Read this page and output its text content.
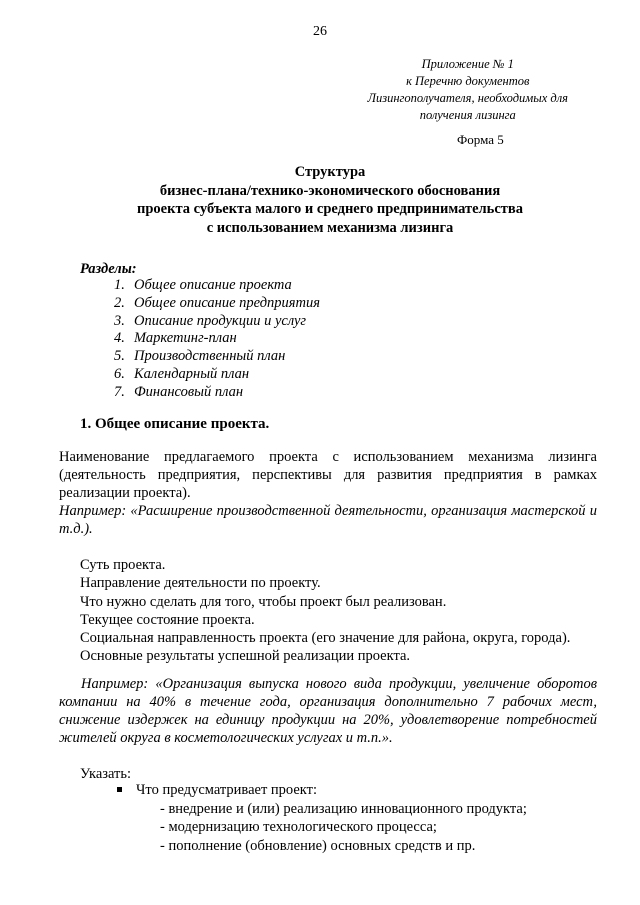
26
Приложение № 1
к Перечню документов
Лизингополучателя, необходимых для
получения лизинга
Форма 5
Структура
бизнес-плана/технико-экономического обоснования
проекта субъекта малого и среднего предпринимательства
с использованием механизма лизинга
Разделы:
1. Общее описание проекта
2. Общее описание предприятия
3. Описание продукции и услуг
4. Маркетинг-план
5. Производственный план
6. Календарный план
7. Финансовый план
1. Общее описание проекта.
Наименование предлагаемого проекта с использованием механизма лизинга (деятельность предприятия, перспективы для развития предприятия в рамках реализации проекта).
Например: «Расширение производственной деятельности, организация мастерской и т.д.).
Суть проекта.
Направление деятельности по проекту.
Что нужно сделать для того, чтобы проект был реализован.
Текущее состояние проекта.
Социальная направленность проекта (его значение для района, округа, города).
Основные результаты успешной реализации проекта.
Например: «Организация выпуска нового вида продукции, увеличение оборотов компании на 40% в течение года, организация дополнительно 7 рабочих мест, снижение издержек на единицу продукции на 20%, удовлетворение потребностей жителей округа в косметологических услугах и т.п.».
Указать:
Что предусматривает проект:
- внедрение и (или) реализацию инновационного продукта;
- модернизацию технологического процесса;
- пополнение (обновление) основных средств и пр.
